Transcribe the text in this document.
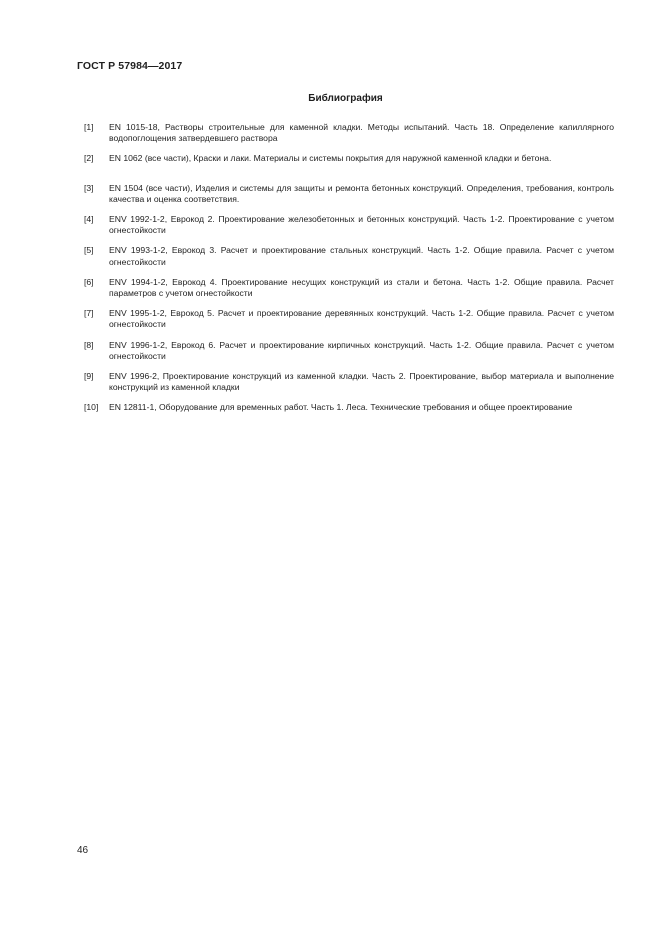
ГОСТ Р 57984—2017
Библиография
[1]	EN 1015-18, Растворы строительные для каменной кладки. Методы испытаний. Часть 18. Определение капиллярного водопоглощения затвердевшего раствора
[2]	EN 1062 (все части), Краски и лаки. Материалы и системы покрытия для наружной каменной кладки и бетона.
[3]	EN 1504 (все части), Изделия и системы для защиты и ремонта бетонных конструкций. Определения, требования, контроль качества и оценка соответствия.
[4]	ENV 1992-1-2, Еврокод 2. Проектирование железобетонных и бетонных конструкций. Часть 1-2. Проектирование с учетом огнестойкости
[5]	ENV 1993-1-2, Еврокод 3. Расчет и проектирование стальных конструкций. Часть 1-2. Общие правила. Расчет с учетом огнестойкости
[6]	ENV 1994-1-2, Еврокод 4. Проектирование несущих конструкций из стали и бетона. Часть 1-2. Общие правила. Расчет параметров с учетом огнестойкости
[7]	ENV 1995-1-2, Еврокод 5. Расчет и проектирование деревянных конструкций. Часть 1-2. Общие правила. Расчет с учетом огнестойкости
[8]	ENV 1996-1-2, Еврокод 6. Расчет и проектирование кирпичных конструкций. Часть 1-2. Общие правила. Расчет с учетом огнестойкости
[9]	ENV 1996-2, Проектирование конструкций из каменной кладки. Часть 2. Проектирование, выбор материала и выполнение конструкций из каменной кладки
[10]	EN 12811-1, Оборудование для временных работ. Часть 1. Леса. Технические требования и общее проектирование
46
